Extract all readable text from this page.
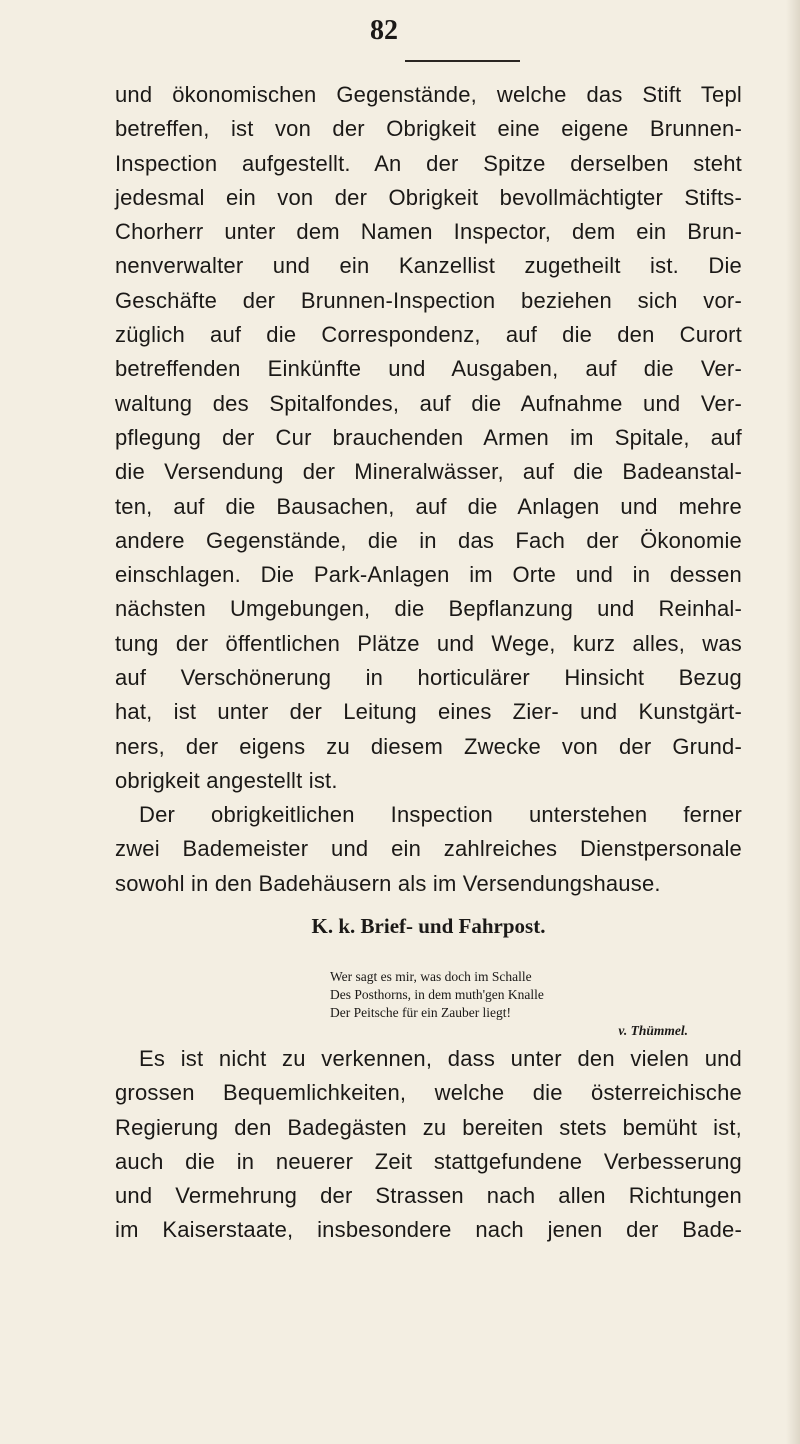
82
und ökonomischen Gegenstände, welche das Stift Tepl
betreffen, ist von der Obrigkeit eine eigene Brunnen-
Inspection aufgestellt. An der Spitze derselben steht
jedesmal ein von der Obrigkeit bevollmächtigter Stifts-
Chorherr unter dem Namen Inspector, dem ein Brun-
nenverwalter und ein Kanzellist zugetheilt ist. Die
Geschäfte der Brunnen-Inspection beziehen sich vor-
züglich auf die Correspondenz, auf die den Curort
betreffenden Einkünfte und Ausgaben, auf die Ver-
waltung des Spitalfondes, auf die Aufnahme und Ver-
pflegung der Cur brauchenden Armen im Spitale, auf
die Versendung der Mineralwässer, auf die Badeanstal-
ten, auf die Bausachen, auf die Anlagen und mehre
andere Gegenstände, die in das Fach der Ökonomie
einschlagen. Die Park-Anlagen im Orte und in dessen
nächsten Umgebungen, die Bepflanzung und Reinhal-
tung der öffentlichen Plätze und Wege, kurz alles, was
auf Verschönerung in horticulärer Hinsicht Bezug
hat, ist unter der Leitung eines Zier- und Kunstgärt-
ners, der eigens zu diesem Zwecke von der Grund-
obrigkeit angestellt ist.
Der obrigkeitlichen Inspection unterstehen ferner
zwei Bademeister und ein zahlreiches Dienstpersonale
sowohl in den Badehäusern als im Versendungshause.
K. k. Brief- und Fahrpost.
Wer sagt es mir, was doch im Schalle
Des Posthorns, in dem muth'gen Knalle
Der Peitsche für ein Zauber liegt!
v. Thümmel.
Es ist nicht zu verkennen, dass unter den vielen und
grossen Bequemlichkeiten, welche die österreichische
Regierung den Badegästen zu bereiten stets bemüht ist,
auch die in neuerer Zeit stattgefundene Verbesserung
und Vermehrung der Strassen nach allen Richtungen
im Kaiserstaate, insbesondere nach jenen der Bade-
